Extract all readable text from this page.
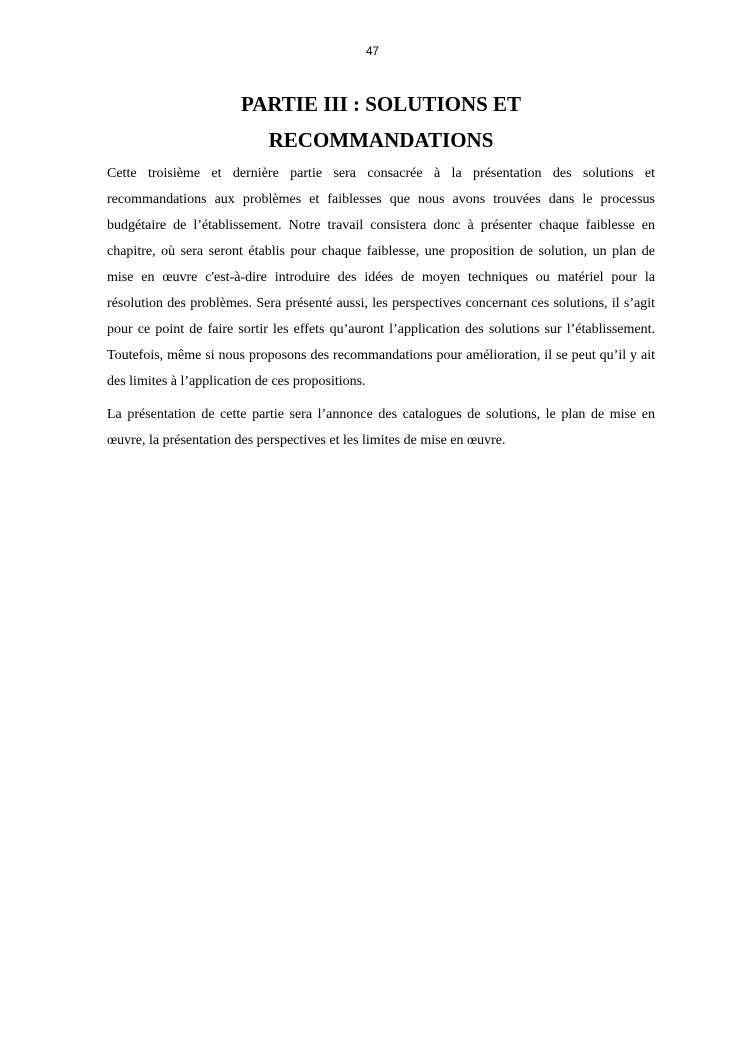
47
PARTIE III : SOLUTIONS ET
RECOMMANDATIONS

Cette troisième et dernière partie sera consacrée à la présentation des solutions et recommandations aux problèmes et faiblesses que nous avons trouvées dans le processus budgétaire de l’établissement. Notre travail consistera donc à présenter chaque faiblesse en chapitre, où sera seront établis pour chaque faiblesse, une proposition de solution, un plan de mise en œuvre c'est-à-dire introduire des idées de moyen techniques ou matériel pour la résolution des problèmes. Sera présenté aussi, les perspectives concernant ces solutions, il s’agit pour ce point de faire sortir les effets qu’auront l’application des solutions sur l’établissement. Toutefois, même si nous proposons des recommandations pour amélioration, il se peut qu’il y ait des limites à l’application de ces propositions.

La présentation de cette partie sera l’annonce des catalogues de solutions, le plan de mise en œuvre, la présentation des perspectives et les limites de mise en œuvre.
